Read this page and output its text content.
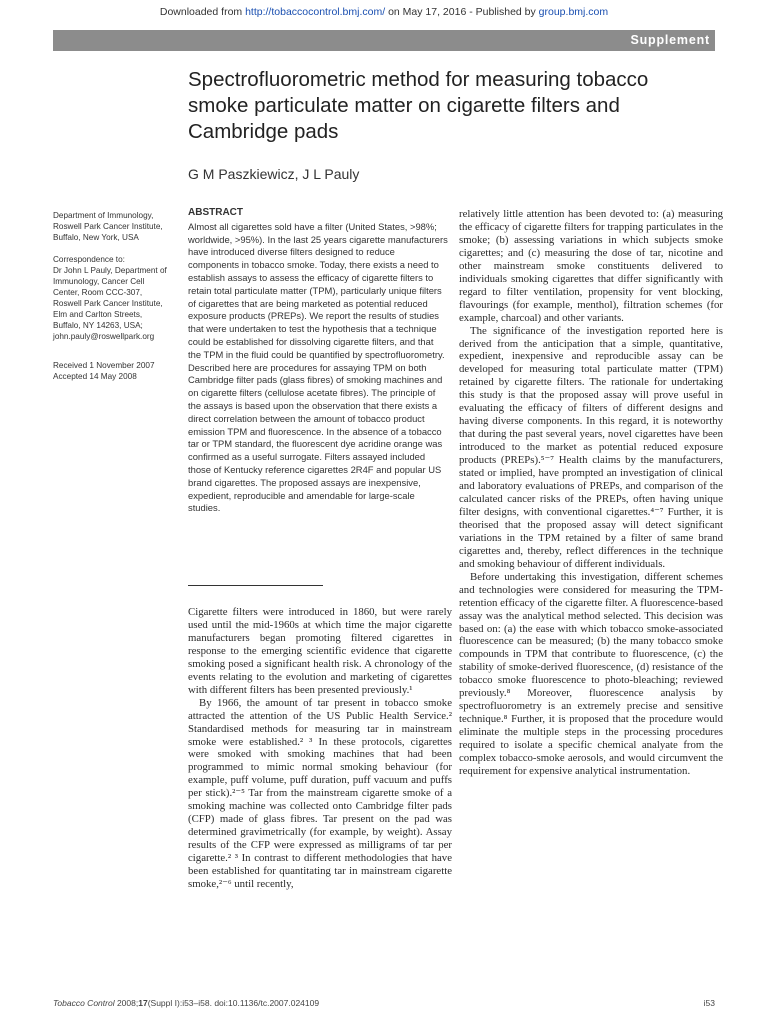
Downloaded from http://tobaccocontrol.bmj.com/ on May 17, 2016 - Published by group.bmj.com
Supplement
Spectrofluorometric method for measuring tobacco smoke particulate matter on cigarette filters and Cambridge pads
G M Paszkiewicz, J L Pauly
Department of Immunology, Roswell Park Cancer Institute, Buffalo, New York, USA
Correspondence to:
Dr John L Pauly, Department of Immunology, Cancer Cell Center, Room CCC-307, Roswell Park Cancer Institute, Elm and Carlton Streets, Buffalo, NY 14263, USA; john.pauly@roswellpark.org
Received 1 November 2007
Accepted 14 May 2008
ABSTRACT

Almost all cigarettes sold have a filter (United States, >98%; worldwide, >95%). In the last 25 years cigarette manufacturers have introduced diverse filters designed to reduce components in tobacco smoke. Today, there exists a need to establish assays to assess the efficacy of cigarette filters to retain total particulate matter (TPM), particularly unique filters of cigarettes that are being marketed as potential reduced exposure products (PREPs). We report the results of studies that were undertaken to test the hypothesis that a technique could be established for dissolving cigarette filters, and that the TPM in the fluid could be quantified by spectrofluorometry. Described here are procedures for assaying TPM on both Cambridge filter pads (glass fibres) of smoking machines and on cigarette filters (cellulose acetate fibres). The principle of the assays is based upon the observation that there exists a direct correlation between the amount of tobacco product emission TPM and fluorescence. In the absence of a tobacco tar or TPM standard, the fluorescent dye acridine orange was confirmed as a useful surrogate. Filters assayed included those of Kentucky reference cigarettes 2R4F and popular US brand cigarettes. The proposed assays are inexpensive, expedient, reproducible and amendable for large-scale studies.

Cigarette filters were introduced in 1860, but were rarely used until the mid-1960s at which time the major cigarette manufacturers began promoting filtered cigarettes in response to the emerging scientific evidence that cigarette smoking posed a significant health risk. A chronology of the events relating to the evolution and marketing of cigarettes with different filters has been presented previously.¹

By 1966, the amount of tar present in tobacco smoke attracted the attention of the US Public Health Service.² Standardised methods for measuring tar in mainstream smoke were established.² ³ In these protocols, cigarettes were smoked with smoking machines that had been programmed to mimic normal smoking behaviour (for example, puff volume, puff duration, puff vacuum and puffs per stick).²⁻⁵ Tar from the mainstream cigarette smoke of a smoking machine was collected onto Cambridge filter pads (CFP) made of glass fibres. Tar present on the pad was determined gravimetrically (for example, by weight). Assay results of the CFP were expressed as milligrams of tar per cigarette.² ³ In contrast to different methodologies that have been established for quantitating tar in mainstream cigarette smoke,²⁻⁶ until recently,

relatively little attention has been devoted to: (a) measuring the efficacy of cigarette filters for trapping particulates in the smoke; (b) assessing variations in which subjects smoke cigarettes; and (c) measuring the dose of tar, nicotine and other mainstream smoke constituents delivered to individuals smoking cigarettes that differ significantly with regard to filter ventilation, propensity for vent blocking, flavourings (for example, menthol), filtration schemes (for example, charcoal) and other variants.

The significance of the investigation reported here is derived from the anticipation that a simple, quantitative, expedient, inexpensive and reproducible assay can be developed for measuring total particulate matter (TPM) retained by cigarette filters. The rationale for undertaking this study is that the proposed assay will prove useful in evaluating the efficacy of filters of different designs and having diverse components. In this regard, it is noteworthy that during the past several years, novel cigarettes have been introduced to the market as potential reduced exposure products (PREPs).⁵⁻⁷ Health claims by the manufacturers, stated or implied, have prompted an investigation of clinical and laboratory evaluations of PREPs, and comparison of the calculated cancer risks of the PREPs, often having unique filter designs, with conventional cigarettes.⁴⁻⁷ Further, it is theorised that the proposed assay will detect significant variations in the TPM retained by a filter of same brand cigarettes and, thereby, reflect differences in the technique and smoking behaviour of different individuals.

Before undertaking this investigation, different schemes and technologies were considered for measuring the TPM-retention efficacy of the cigarette filter. A fluorescence-based assay was the analytical method selected. This decision was based on: (a) the ease with which tobacco smoke-associated fluorescence can be measured; (b) the many tobacco smoke compounds in TPM that contribute to fluorescence, (c) the stability of smoke-derived fluorescence, (d) resistance of the tobacco smoke fluorescence to photo-bleaching; reviewed previously.⁸ Moreover, fluorescence analysis by spectrofluorometry is an extremely precise and sensitive technique.⁸ Further, it is proposed that the procedure would eliminate the multiple steps in the processing procedures required to isolate a specific chemical analyate from the complex tobacco-smoke aerosols, and would circumvent the requirement for expensive analytical instrumentation.

Tobacco Control 2008;17(Suppl I):i53–i58. doi:10.1136/tc.2007.024109	i53
